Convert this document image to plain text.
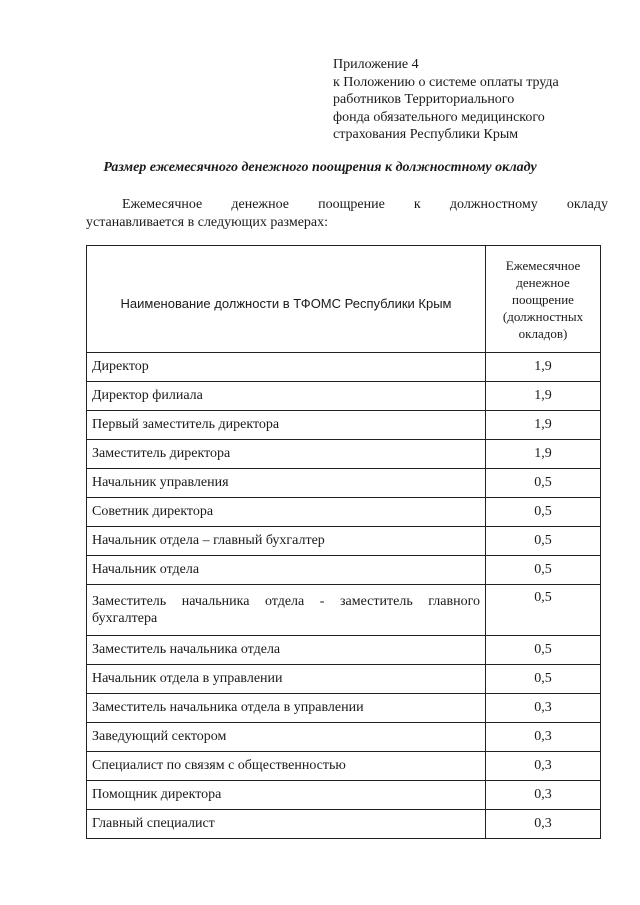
Приложение 4
к Положению о системе оплаты труда
работников Территориального
фонда обязательного медицинского
страхования Республики Крым
Размер ежемесячного денежного поощрения к должностному окладу
Ежемесячное денежное поощрение к должностному окладу
устанавливается в следующих размерах:
Наименование должности в ТФОМС Республики Крым	Ежемесячное
денежное
поощрение
(должностных
окладов)

Директор	1,9
Директор филиала	1,9
Первый заместитель директора	1,9
Заместитель директора	1,9
Начальник управления	0,5
Советник директора	0,5
Начальник отдела – главный бухгалтер	0,5
Начальник отдела	0,5
Заместитель начальника отдела - заместитель главного бухгалтера	0,5
Заместитель начальника отдела	0,5
Начальник отдела в управлении	0,5
Заместитель начальника отдела в управлении	0,3
Заведующий сектором	0,3
Специалист по связям с общественностью	0,3
Помощник директора	0,3
Главный специалист	0,3
